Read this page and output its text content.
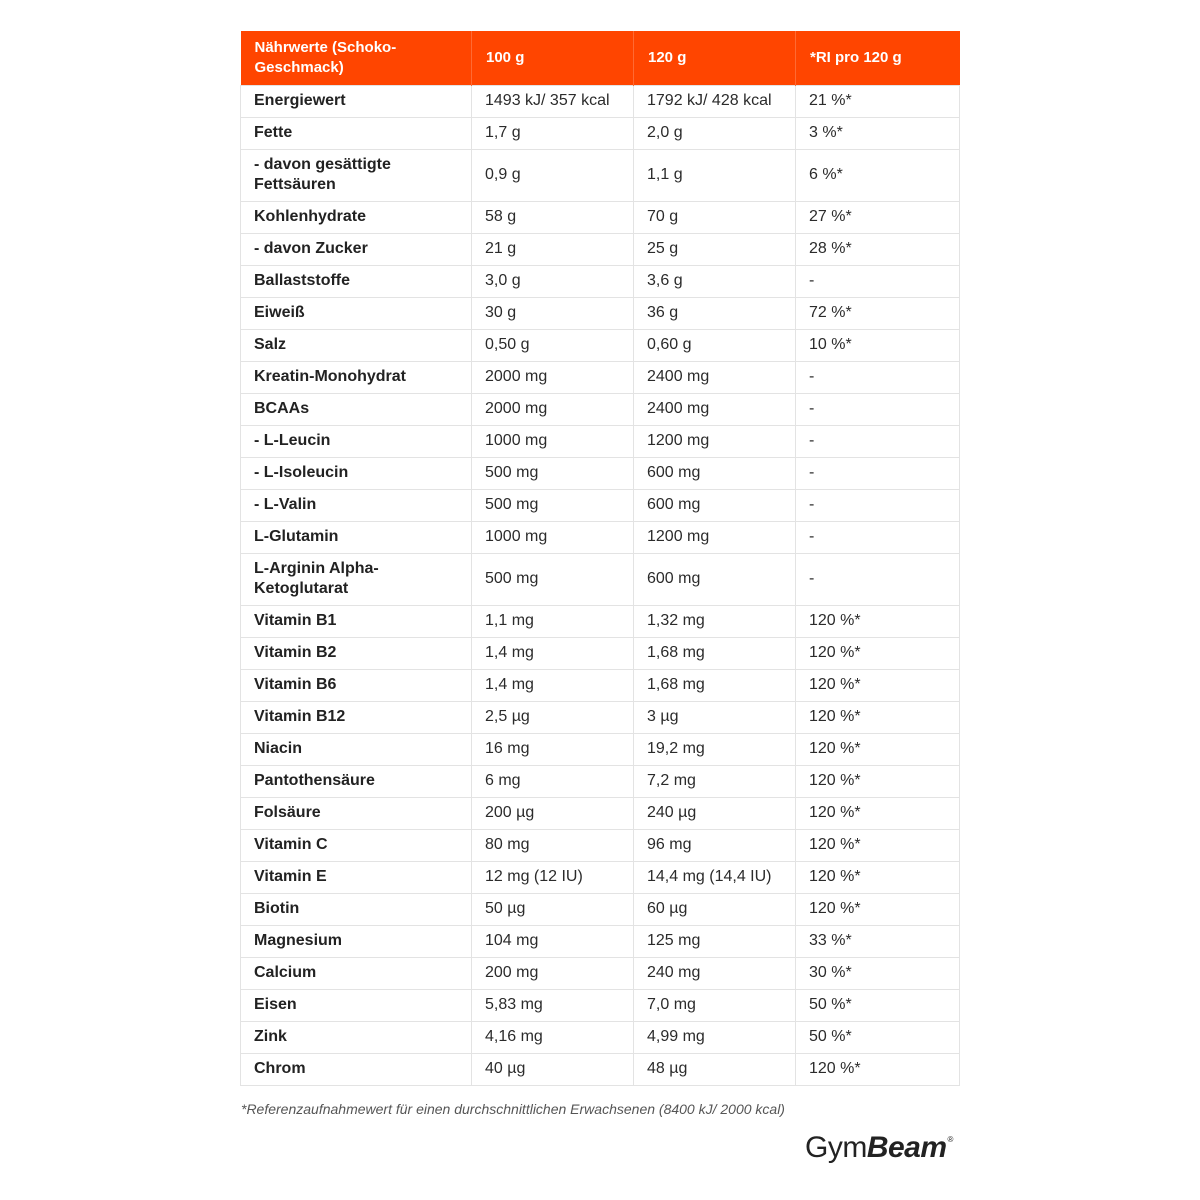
Nährwerte (Schoko-Geschmack)	100 g	120 g	*RI pro 120 g
Energiewert	1493 kJ/ 357 kcal	1792 kJ/ 428 kcal	21 %*
Fette	1,7 g	2,0 g	3 %*
- davon gesättigte Fettsäuren	0,9 g	1,1 g	6 %*
Kohlenhydrate	58 g	70 g	27 %*
- davon Zucker	21 g	25 g	28 %*
Ballaststoffe	3,0 g	3,6 g	-
Eiweiß	30 g	36 g	72 %*
Salz	0,50 g	0,60 g	10 %*
Kreatin-Monohydrat	2000 mg	2400 mg	-
BCAAs	2000 mg	2400 mg	-
- L-Leucin	1000 mg	1200 mg	-
- L-Isoleucin	500 mg	600 mg	-
- L-Valin	500 mg	600 mg	-
L-Glutamin	1000 mg	1200 mg	-
L-Arginin Alpha-Ketoglutarat	500 mg	600 mg	-
Vitamin B1	1,1 mg	1,32 mg	120 %*
Vitamin B2	1,4 mg	1,68 mg	120 %*
Vitamin B6	1,4 mg	1,68 mg	120 %*
Vitamin B12	2,5 µg	3 µg	120 %*
Niacin	16 mg	19,2 mg	120 %*
Pantothensäure	6 mg	7,2 mg	120 %*
Folsäure	200 µg	240 µg	120 %*
Vitamin C	80 mg	96 mg	120 %*
Vitamin E	12 mg (12 IU)	14,4 mg (14,4 IU)	120 %*
Biotin	50 µg	60 µg	120 %*
Magnesium	104 mg	125 mg	33 %*
Calcium	200 mg	240 mg	30 %*
Eisen	5,83 mg	7,0 mg	50 %*
Zink	4,16 mg	4,99 mg	50 %*
Chrom	40 µg	48 µg	120 %*
*Referenzaufnahmewert für einen durchschnittlichen Erwachsenen (8400 kJ/ 2000 kcal)
GymBeam®
